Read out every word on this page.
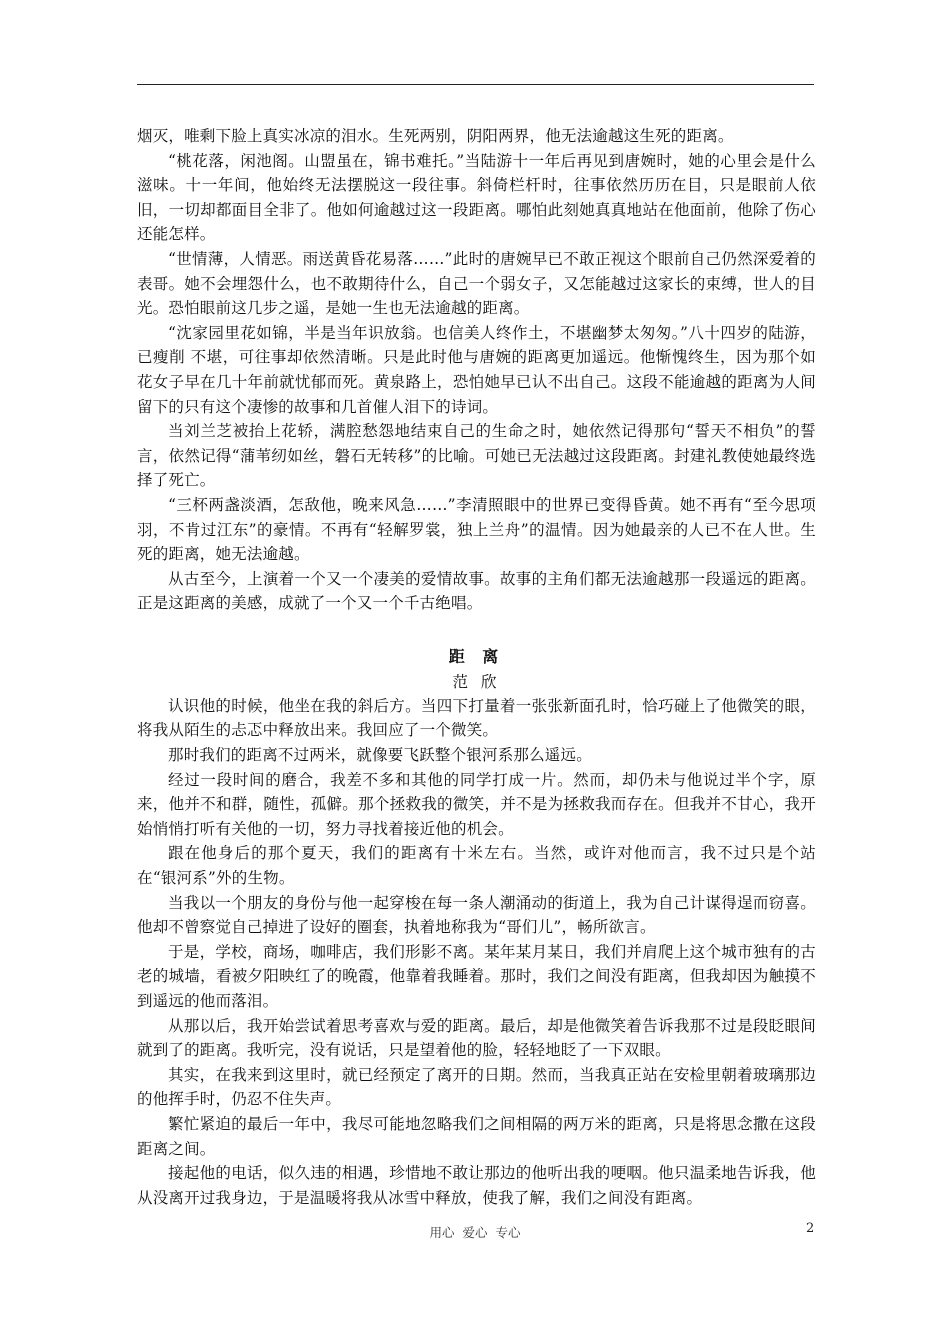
烟灭，唯剩下脸上真实冰凉的泪水。生死两别，阴阳两界，他无法逾越这生死的距离。

“桃花落，闲池阁。山盟虽在，锦书难托。”当陆游十一年后再见到唐婉时，她的心里会是什么滋味。十一年间，他始终无法摆脱这一段往事。斜倚栏杆时，往事依然历历在目，只是眼前人依旧，一切却都面目全非了。他如何逾越过这一段距离。哪怕此刻她真真地站在他面前，他除了伤心还能怎样。

“世情薄，人情恶。雨送黄昏花易落……”此时的唐婉早已不敢正视这个眼前自己仍然深爱着的表哥。她不会埋怨什么，也不敢期待什么，自己一个弱女子，又怎能越过这家长的束缚，世人的目光。恐怕眼前这几步之遥，是她一生也无法逾越的距离。

“沈家园里花如锦，半是当年识放翁。也信美人终作土，不堪幽梦太匆匆。”八十四岁的陆游，已瘦削 不堪，可往事却依然清晰。只是此时他与唐婉的距离更加遥远。他惭愧终生，因为那个如花女子早在几十年前就忧郁而死。黄泉路上，恐怕她早已认不出自己。这段不能逾越的距离为人间留下的只有这个凄惨的故事和几首催人泪下的诗词。

当刘兰芝被抬上花轿，满腔愁怨地结束自己的生命之时，她依然记得那句“誓天不相负”的誓言，依然记得“蒲苇纫如丝，磐石无转移”的比喻。可她已无法越过这段距离。封建礼教使她最终选择了死亡。

“三杯两盏淡酒，怎敌他，晚来风急……”李清照眼中的世界已变得昏黄。她不再有“至今思项羽，不肯过江东”的豪情。不再有“轻解罗裳，独上兰舟”的温情。因为她最亲的人已不在人世。生死的距离，她无法逾越。

从古至今，上演着一个又一个凄美的爱情故事。故事的主角们都无法逾越那一段遥远的距离。正是这距离的美感，成就了一个又一个千古绝唱。

距 离

范 欣

认识他的时候，他坐在我的斜后方。当四下打量着一张张新面孔时，恰巧碰上了他微笑的眼，将我从陌生的忐忑中释放出来。我回应了一个微笑。

那时我们的距离不过两米，就像要飞跃整个银河系那么遥远。

经过一段时间的磨合，我差不多和其他的同学打成一片。然而，却仍未与他说过半个字，原来，他并不和群，随性，孤僻。那个拯救我的微笑，并不是为拯救我而存在。但我并不甘心，我开始悄悄打听有关他的一切，努力寻找着接近他的机会。

跟在他身后的那个夏天，我们的距离有十米左右。当然，或许对他而言，我不过只是个站在“银河系”外的生物。

当我以一个朋友的身份与他一起穿梭在每一条人潮涌动的街道上，我为自己计谋得逞而窃喜。他却不曾察觉自己掉进了设好的圈套，执着地称我为“哥们儿”，畅所欲言。

于是，学校，商场，咖啡店，我们形影不离。某年某月某日，我们并肩爬上这个城市独有的古老的城墙，看被夕阳映红了的晚霞，他靠着我睡着。那时，我们之间没有距离，但我却因为触摸不到遥远的他而落泪。

从那以后，我开始尝试着思考喜欢与爱的距离。最后，却是他微笑着告诉我那不过是段眨眼间就到了的距离。我听完，没有说话，只是望着他的脸，轻轻地眨了一下双眼。

其实，在我来到这里时，就已经预定了离开的日期。然而，当我真正站在安检里朝着玻璃那边的他挥手时，仍忍不住失声。

繁忙紧迫的最后一年中，我尽可能地忽略我们之间相隔的两万米的距离，只是将思念撒在这段距离之间。

接起他的电话，似久违的相遇，珍惜地不敢让那边的他听出我的哽咽。他只温柔地告诉我，他从没离开过我身边，于是温暖将我从冰雪中释放，使我了解，我们之间没有距离。

用心 爱心 专心	2
